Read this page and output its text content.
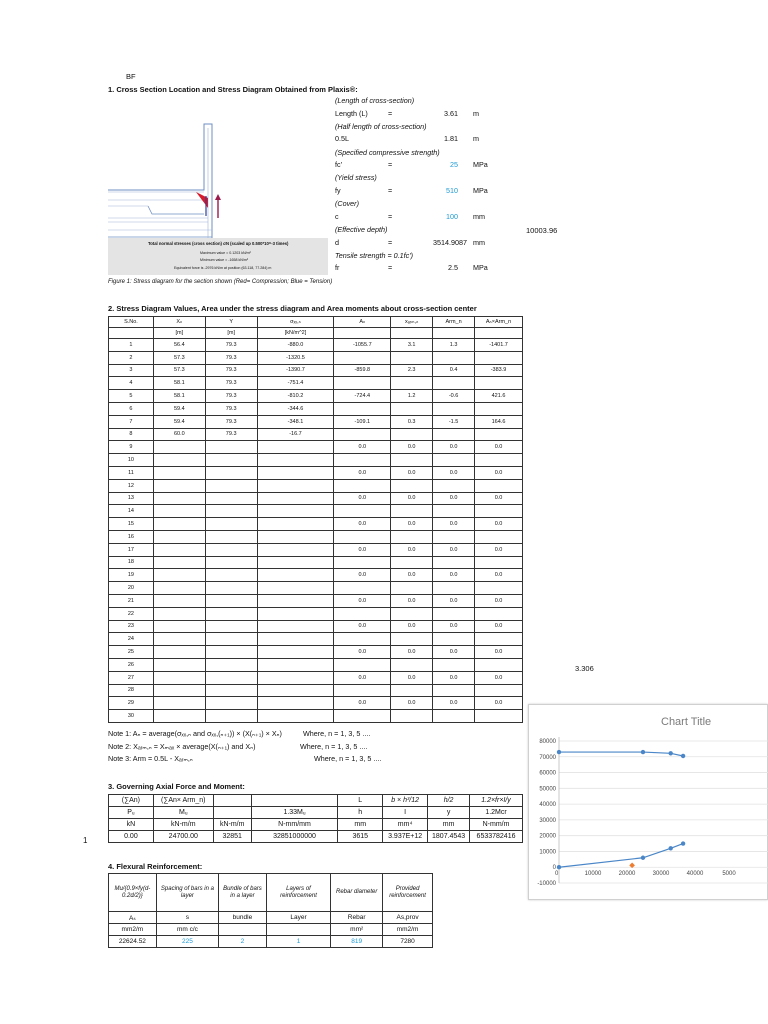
BF
1. Cross Section Location and Stress Diagram Obtained from Plaxis®:
Total normal stresses (cross section) σN (scaled up 0.500*10^-3 times)
Maximum value = 0.1203 kN/m²
Minimum value = -1658 kN/m²
Equivalent force is -2976 kN/m at position (63.118, 77.284) m
Figure 1: Stress diagram for the section shown (Red= Compression; Blue = Tension)
(Length of cross-section)
Length (L)	=	3.61 m
(Half length of cross-section)
0.5L	1.81 m
(Specified compressive strength)
fc'	=	25 MPa
(Yield stress)
fy	=	510 MPa
(Cover)
c	=	100 mm
(Effective depth)
d	=	3514.9087 mm
Tensile strength = 0.1fc')
fr	=	2.5 MPa
10003.96
2. Stress Diagram Values, Area under the stress diagram and Area moments about cross-section center
S.No.	Xₙ	Y	σₓₓ,ₙ	Aₙ	xₐᵣₘ,ₙ	Arm_n	Aₙ×Arm_n
	[m]	[m]	[kN/m^2]				
1	56.4	79.3	-880.0	-1055.7	3.1	1.3	-1401.7
2	57.3	79.3	-1320.5				
3	57.3	79.3	-1390.7	-859.8	2.3	0.4	-383.9
4	58.1	79.3	-751.4				
5	58.1	79.3	-810.2	-724.4	1.2	-0.6	421.6
6	59.4	79.3	-344.6				
7	59.4	79.3	-348.1	-109.1	0.3	-1.5	164.6
8	60.0	79.3	-16.7				
9				0.0	0.0	0.0	0.0
10							
11				0.0	0.0	0.0	0.0
12							
13				0.0	0.0	0.0	0.0
14							
15				0.0	0.0	0.0	0.0
16							
17				0.0	0.0	0.0	0.0
18							
19				0.0	0.0	0.0	0.0
20							
21				0.0	0.0	0.0	0.0
22							
23				0.0	0.0	0.0	0.0
24							
25				0.0	0.0	0.0	0.0
26							
27				0.0	0.0	0.0	0.0
28							
29				0.0	0.0	0.0	0.0
30							
3.306
Note 1: Aₙ = average(σₓₓ,ₙ and σₓₓ,(ₙ₊₁)) × (X(ₙ₊₁) × Xₙ)	Where, n = 1, 3, 5 ....
Note 2: Xₐᵣₘ,ₙ = Xₘₐₓ × average(X(ₙ₊₁) and Xₙ)	Where, n = 1, 3, 5 ....
Note 3: Arm = 0.5L - Xₐᵣₘ,ₙ	Where, n = 1, 3, 5 ....
3. Governing Axial Force and Moment:
1
(∑An)	(∑An× Arm_n)			L	b × h³/12	h/2	1.2×fr×I/y
Pᵤ	Mᵤ		1.33Mᵤ	h	I	y	1.2Mcr
kN	kN-m/m	kN-m/m	N-mm/mm	mm	mm⁴	mm	N-mm/m
0.00	24700.00	32851	32851000000	3615	3.937E+12	1807.4543	6533782416
4. Flexural Reinforcement:
Mu/{0.9×fy(d-0.2d/2)}	Spacing of bars in a layer	Bundle of bars in a layer	Layers of reinforcement	Rebar diameter	Provided reinforcement
Aₛ	s	bundle	Layer	Rebar	As,prov
mm2/m	mm c/c			mm²	mm2/m
22624.52	225	2	1	819	7280
Chart Title
80000
70000
60000
50000
40000
30000
20000
10000
0
-10000
0	10000	20000	30000	40000	5000
